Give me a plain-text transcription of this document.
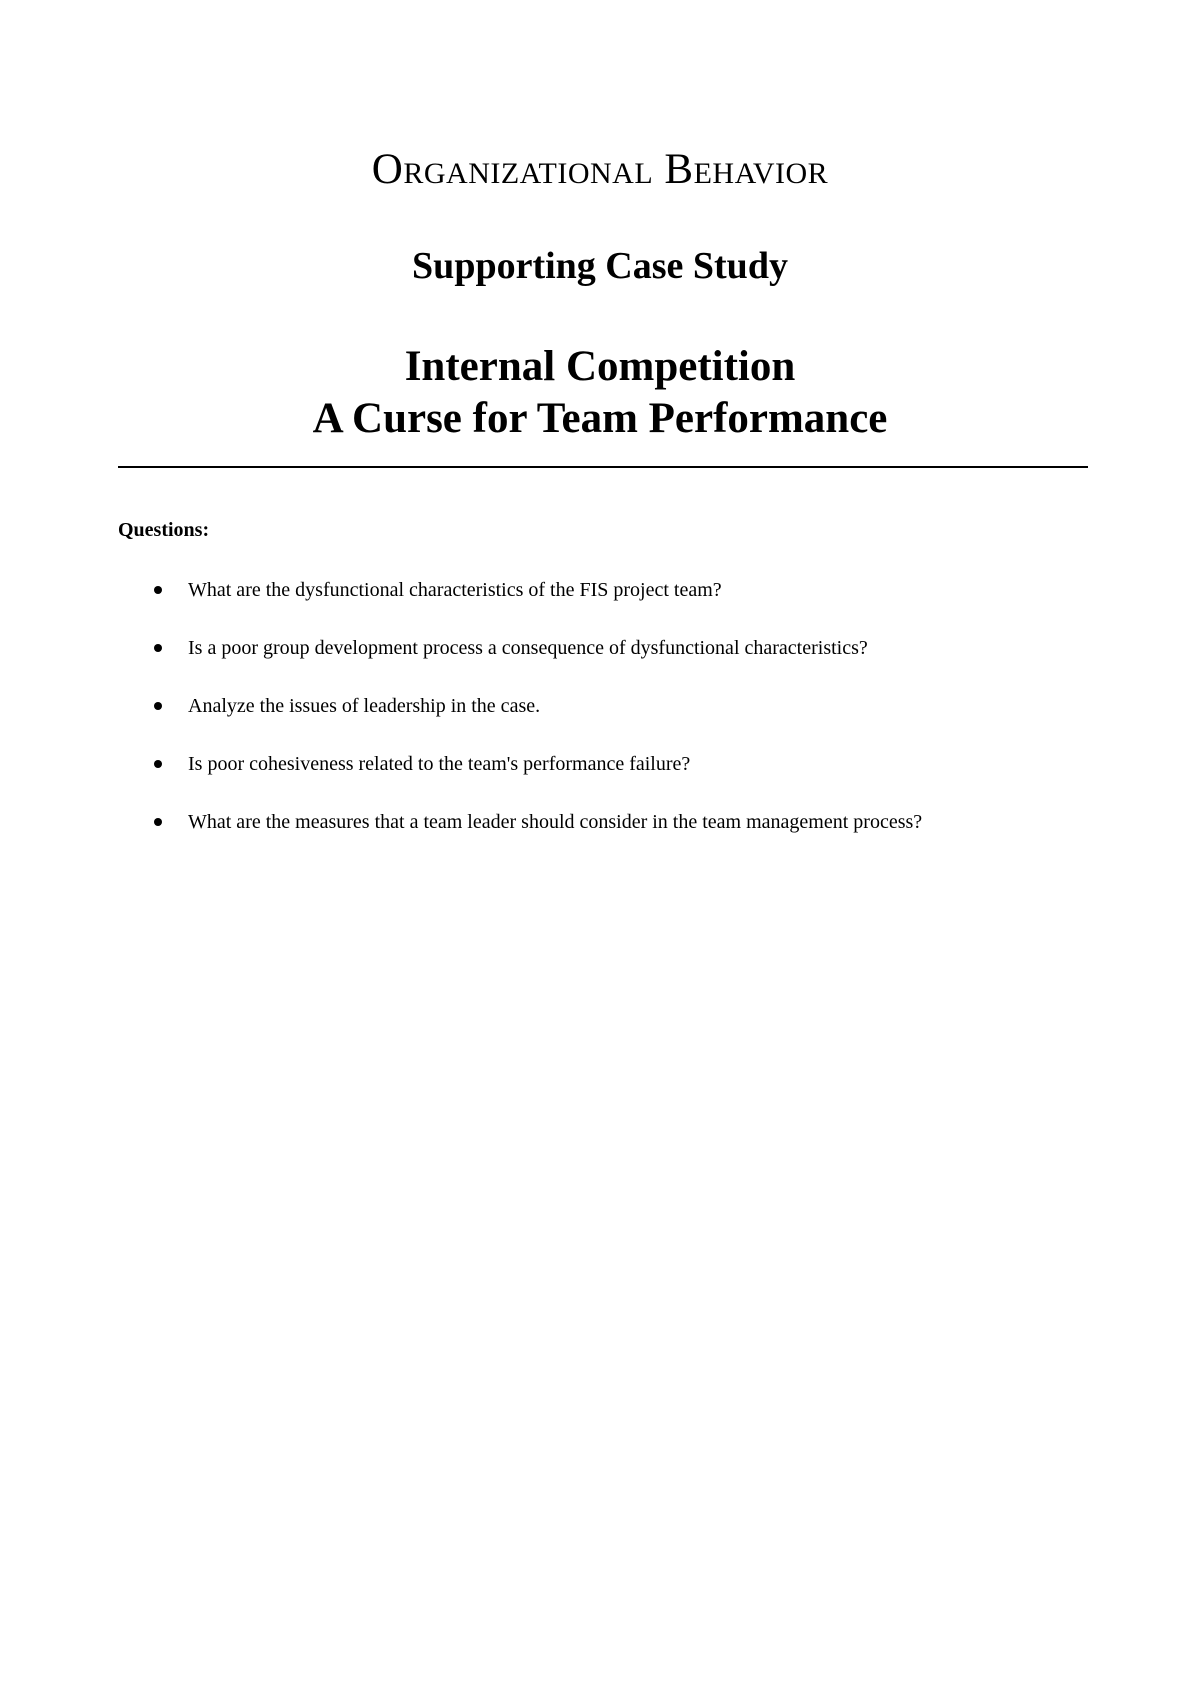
Organizational Behavior
Supporting Case Study
Internal Competition
A Curse for Team Performance

Questions:

What are the dysfunctional characteristics of the FIS project team?
Is a poor group development process a consequence of dysfunctional characteristics?
Analyze the issues of leadership in the case.
Is poor cohesiveness related to the team's performance failure?
What are the measures that a team leader should consider in the team management process?
